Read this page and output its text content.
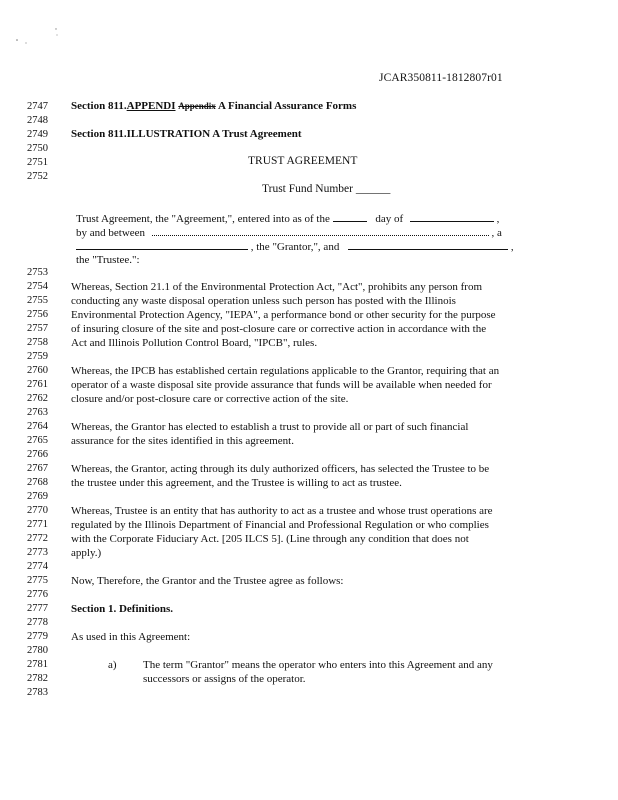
JCAR350811-1812807r01
2747
2748
2749
2750
2751
2752
2753
2754
2755
2756
2757
2758
2759
2760
2761
2762
2763
2764
2765
2766
2767
2768
2769
2770
2771
2772
2773
2774
2775
2776
2777
2778
2779
2780
2781
2782
2783
Section 811.APPENDI Appendix A Financial Assurance Forms
Section 811.ILLUSTRATION A Trust Agreement
TRUST AGREEMENT
Trust Fund Number ______
Trust Agreement, the "Agreement,", entered into as of the	day of	,
by and between	, a
, the "Grantor,", and	,
the "Trustee.":
Whereas, Section 21.1 of the Environmental Protection Act, "Act", prohibits any person from
conducting any waste disposal operation unless such person has posted with the Illinois
Environmental Protection Agency, "IEPA", a performance bond or other security for the purpose
of insuring closure of the site and post-closure care or corrective action in accordance with the
Act and Illinois Pollution Control Board, "IPCB", rules.
Whereas, the IPCB has established certain regulations applicable to the Grantor, requiring that an
operator of a waste disposal site provide assurance that funds will be available when needed for
closure and/or post-closure care or corrective action of the site.
Whereas, the Grantor has elected to establish a trust to provide all or part of such financial
assurance for the sites identified in this agreement.
Whereas, the Grantor, acting through its duly authorized officers, has selected the Trustee to be
the trustee under this agreement, and the Trustee is willing to act as trustee.
Whereas, Trustee is an entity that has authority to act as a trustee and whose trust operations are
regulated by the Illinois Department of Financial and Professional Regulation or who complies
with the Corporate Fiduciary Act. [205 ILCS 5]. (Line through any condition that does not
apply.)
Now, Therefore, the Grantor and the Trustee agree as follows:
Section 1. Definitions.
As used in this Agreement:
a) The term "Grantor" means the operator who enters into this Agreement and any
successors or assigns of the operator.
